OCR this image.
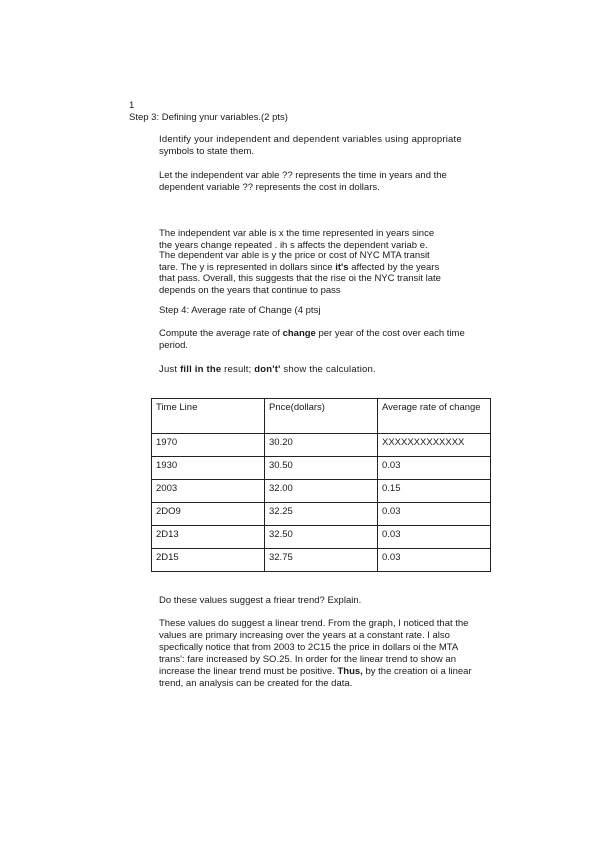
1
Step 3: Defining ynur variables.(2 pts)
Identify your independent and dependent variables using appropriate
symbols to state them.
Let the independent var able ?? represents the time in years and the
dependent variable ?? represents the cost in dollars.
The independent var able is x the time represented in years since
the years change repeated . ih s affects the dependent variab e.
The dependent var able is y the price or cost of NYC MTA transit
tare. The y is represented in dollars since it's affected by the years
that pass. Overall, this suggests that the rise oi the NYC transit late
depends on the years that continue to pass
Step 4: Average rate of Change (4 ptsj
Compute the average rate of change per year of the cost over each time
period.
Just fill in the result; don't' show the calculation.
Time Line	Pnce(dollars)	Average rate of change
1970	30.20	XXXXXXXXXXXXX
1930	30.50	0.03
2003	32.00	0.15
2DO9	32.25	0.03
2D13	32.50	0.03
2D15	32.75	0.03
Do these values suggest a friear trend? Explain.
These values do suggest a linear trend. From the graph, I noticed that the
values are primary increasing over the years at a constant rate. I also
specfically notice that from 2003 to 2C15 the price in dollars oi the MTA
trans': fare increased by SO.25. In order for the linear trend to show an
increase the linear trend must be positive. Thus, by the creation oi a linear
trend, an analysis can be created for the data.
